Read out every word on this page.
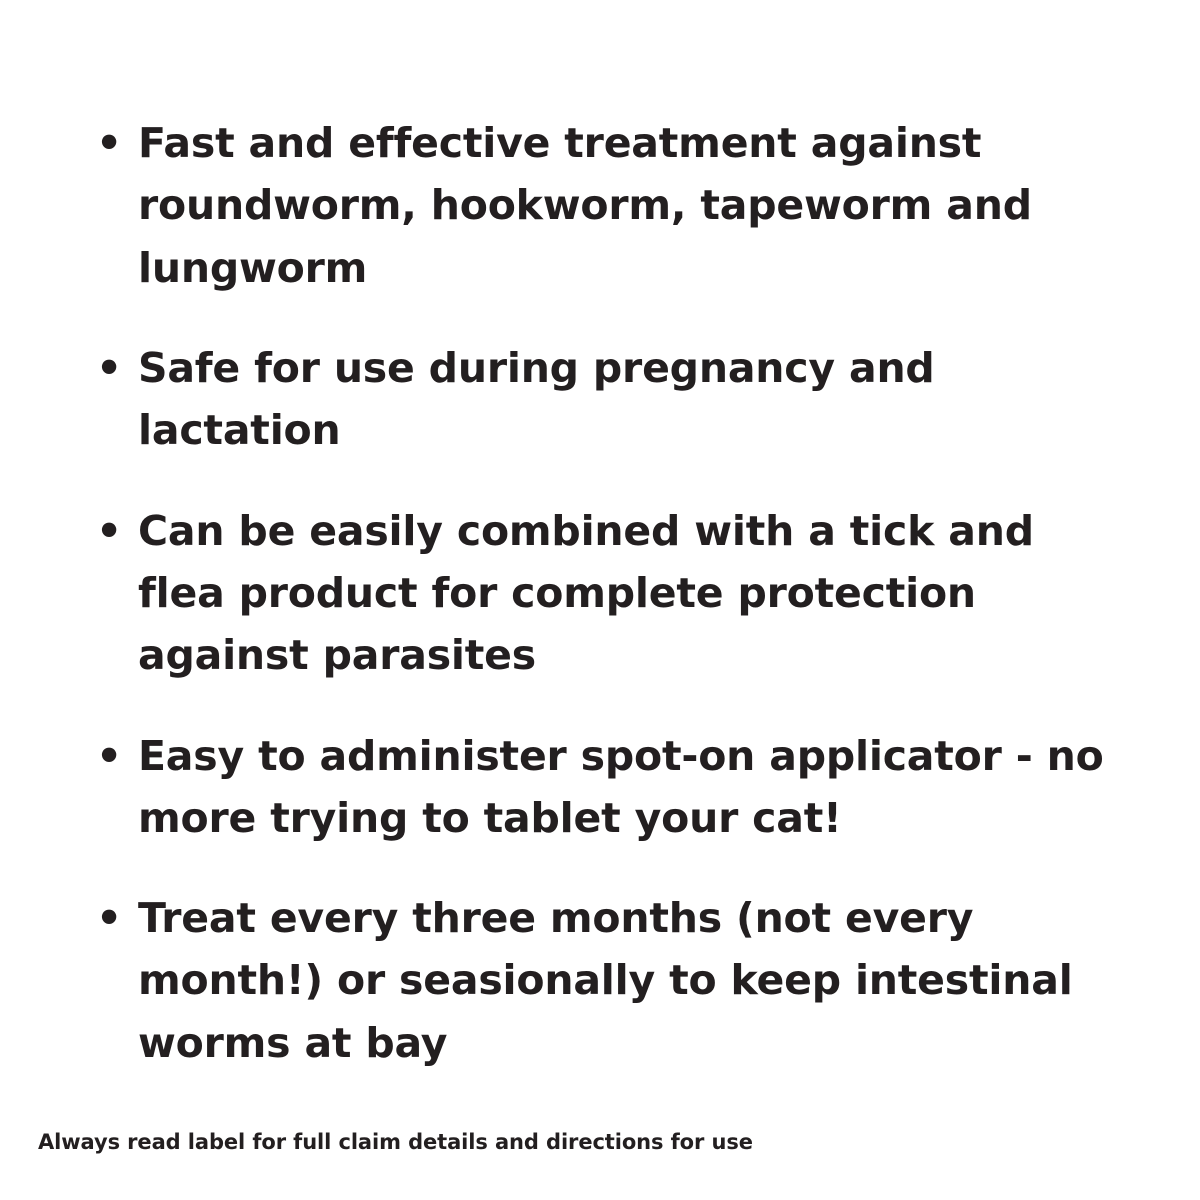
• Fast and effective treatment against roundworm, hookworm, tapeworm and lungworm
• Safe for use during pregnancy and lactation
• Can be easily combined with a tick and flea product for complete protection against parasites
• Easy to administer spot-on applicator - no more trying to tablet your cat!
• Treat every three months (not every month!) or seasionally to keep intestinal worms at bay
Always read label for full claim details and directions for use
